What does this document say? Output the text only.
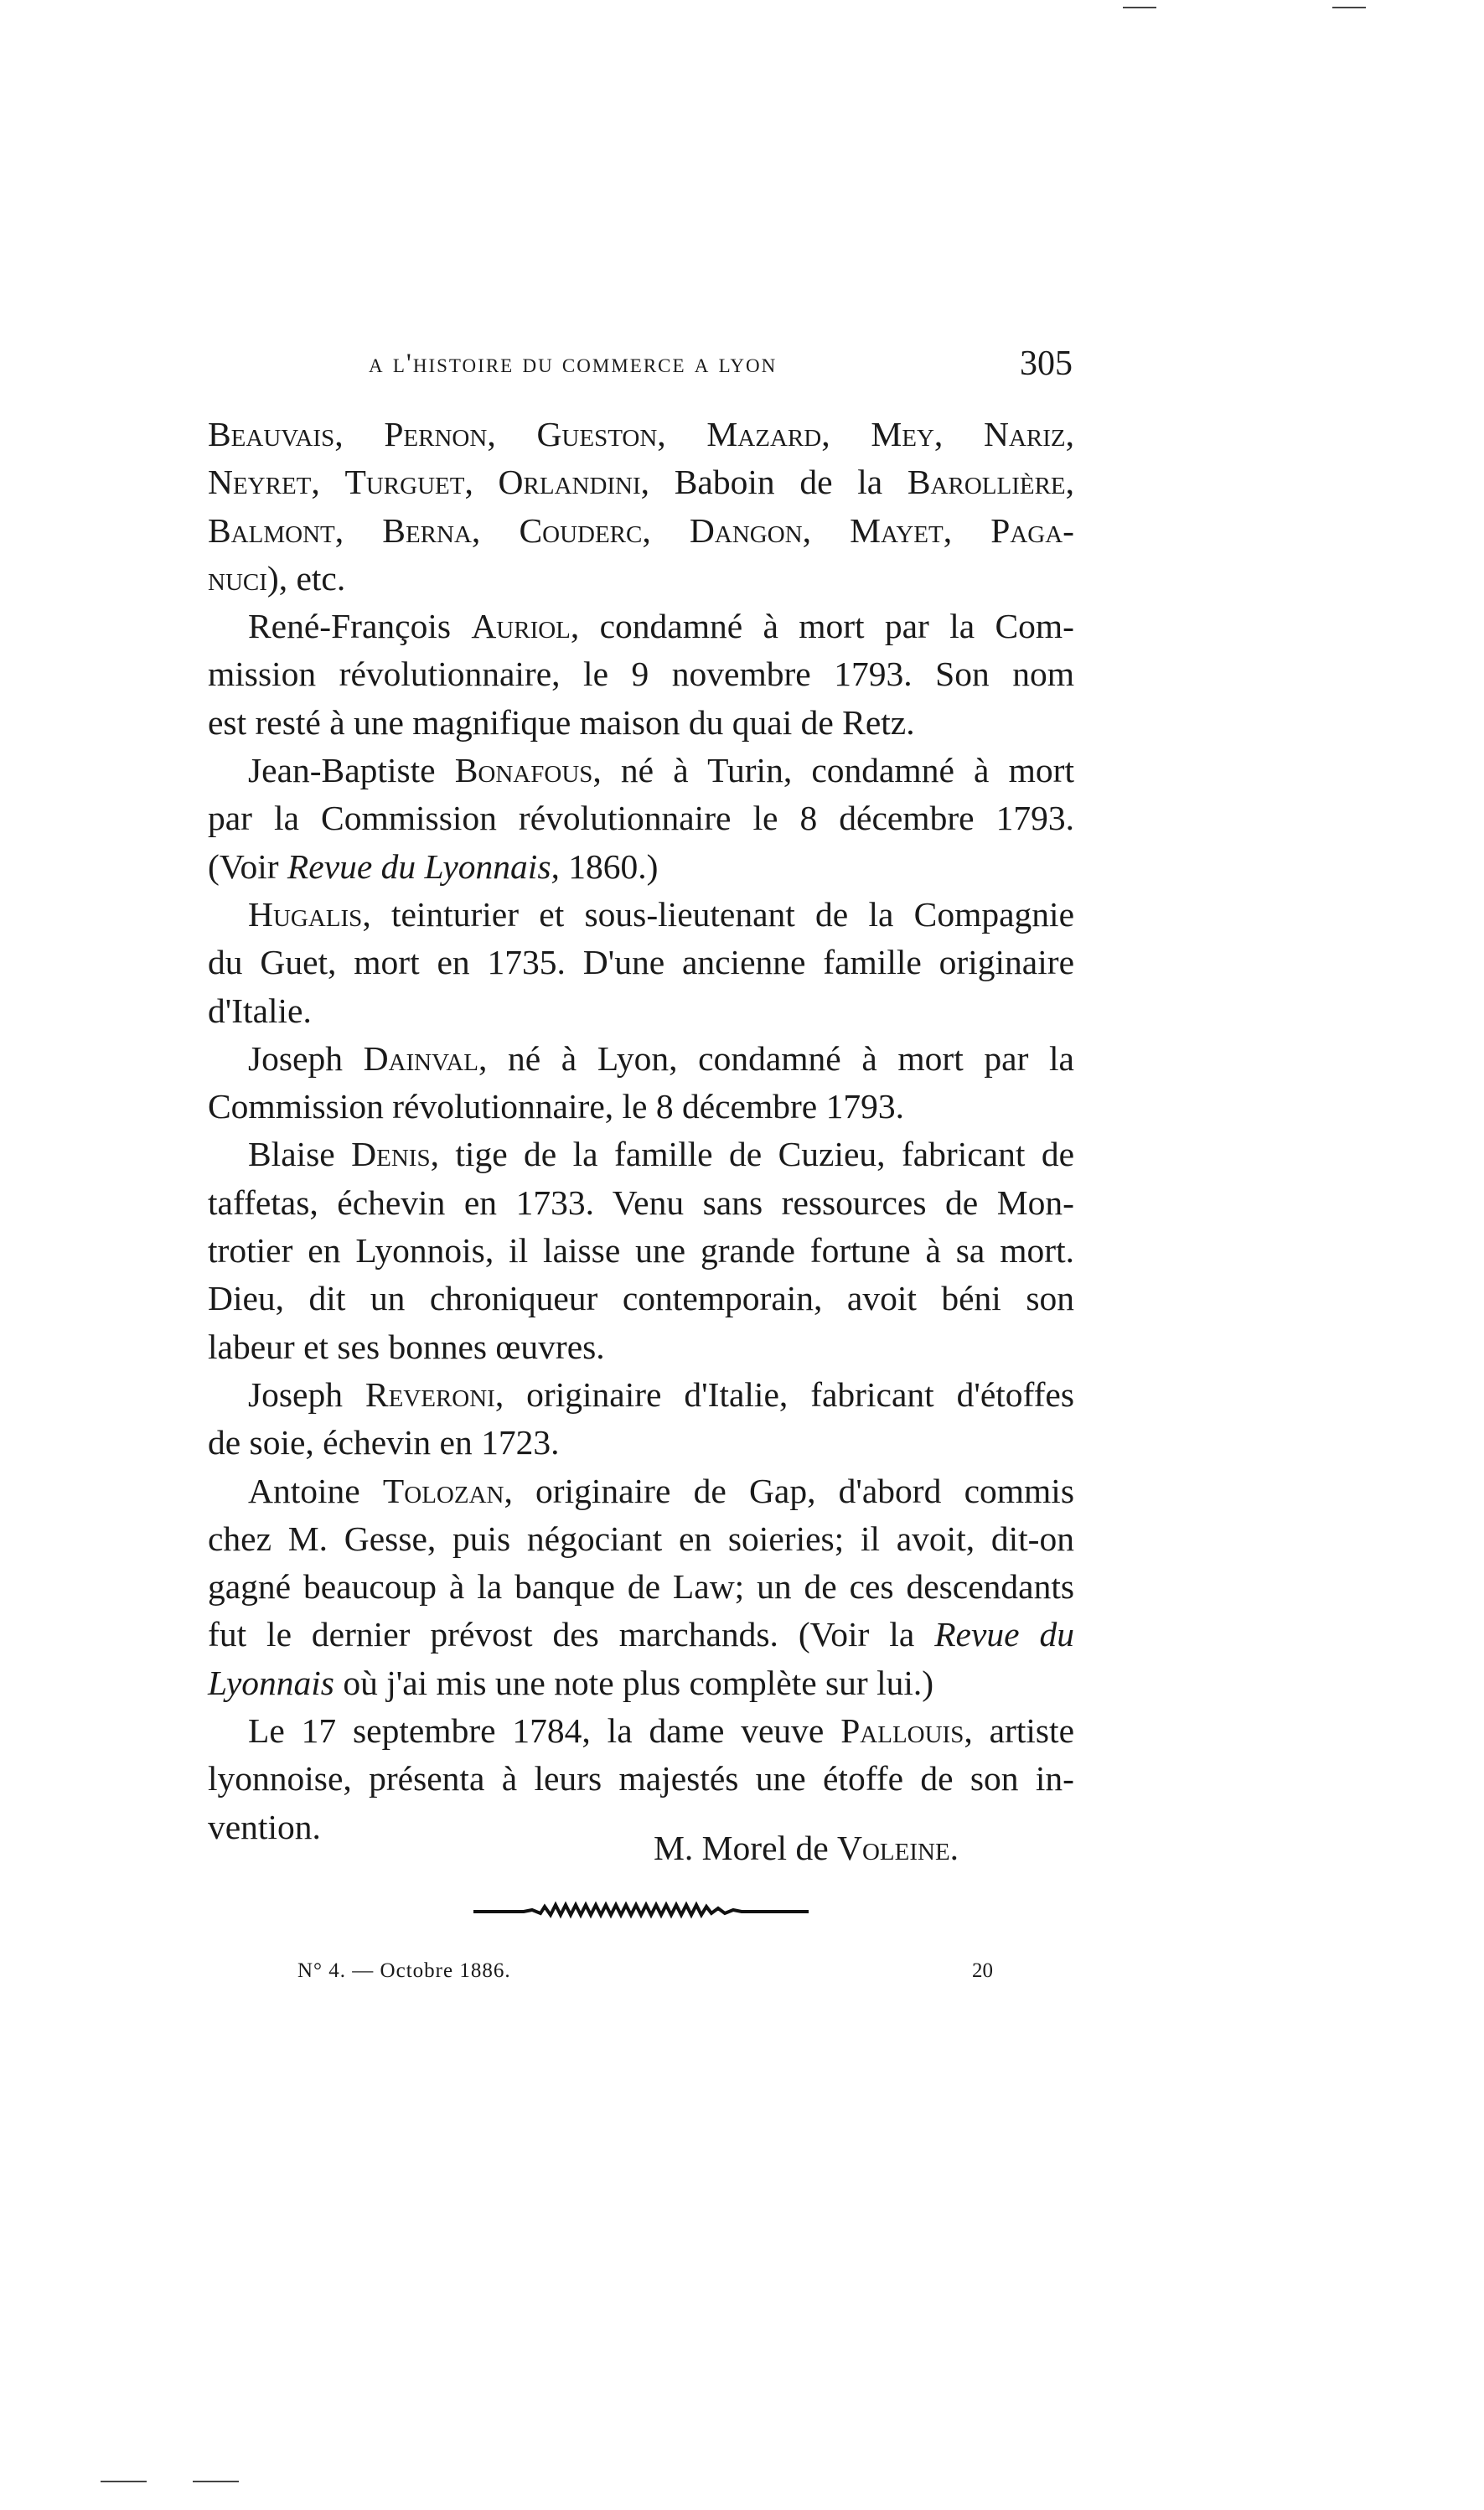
a l'histoire du commerce a lyon	305
Beauvais, Pernon, Gueston, Mazard, Mey, Nariz,
Neyret, Turguet, Orlandini, Baboin de la Barollière,
Balmont, Berna, Couderc, Dangon, Mayet, Paga-
nuci), etc.
René-François Auriol, condamné à mort par la Com-
mission révolutionnaire, le 9 novembre 1793. Son nom
est resté à une magnifique maison du quai de Retz.
Jean-Baptiste Bonafous, né à Turin, condamné à mort
par la Commission révolutionnaire le 8 décembre 1793.
(Voir Revue du Lyonnais, 1860.)
Hugalis, teinturier et sous-lieutenant de la Compagnie
du Guet, mort en 1735. D'une ancienne famille originaire
d'Italie.
Joseph Dainval, né à Lyon, condamné à mort par la
Commission révolutionnaire, le 8 décembre 1793.
Blaise Denis, tige de la famille de Cuzieu, fabricant de
taffetas, échevin en 1733. Venu sans ressources de Mon-
trotier en Lyonnois, il laisse une grande fortune à sa mort.
Dieu, dit un chroniqueur contemporain, avoit béni son
labeur et ses bonnes œuvres.
Joseph Reveroni, originaire d'Italie, fabricant d'étoffes
de soie, échevin en 1723.
Antoine Tolozan, originaire de Gap, d'abord commis
chez M. Gesse, puis négociant en soieries; il avoit, dit-on
gagné beaucoup à la banque de Law; un de ces descendants
fut le dernier prévost des marchands. (Voir la Revue du
Lyonnais où j'ai mis une note plus complète sur lui.)
Le 17 septembre 1784, la dame veuve Pallouis, artiste
lyonnoise, présenta à leurs majestés une étoffe de son in-
vention.
M. Morel de Voleine.
N° 4. — Octobre 1886.	20
